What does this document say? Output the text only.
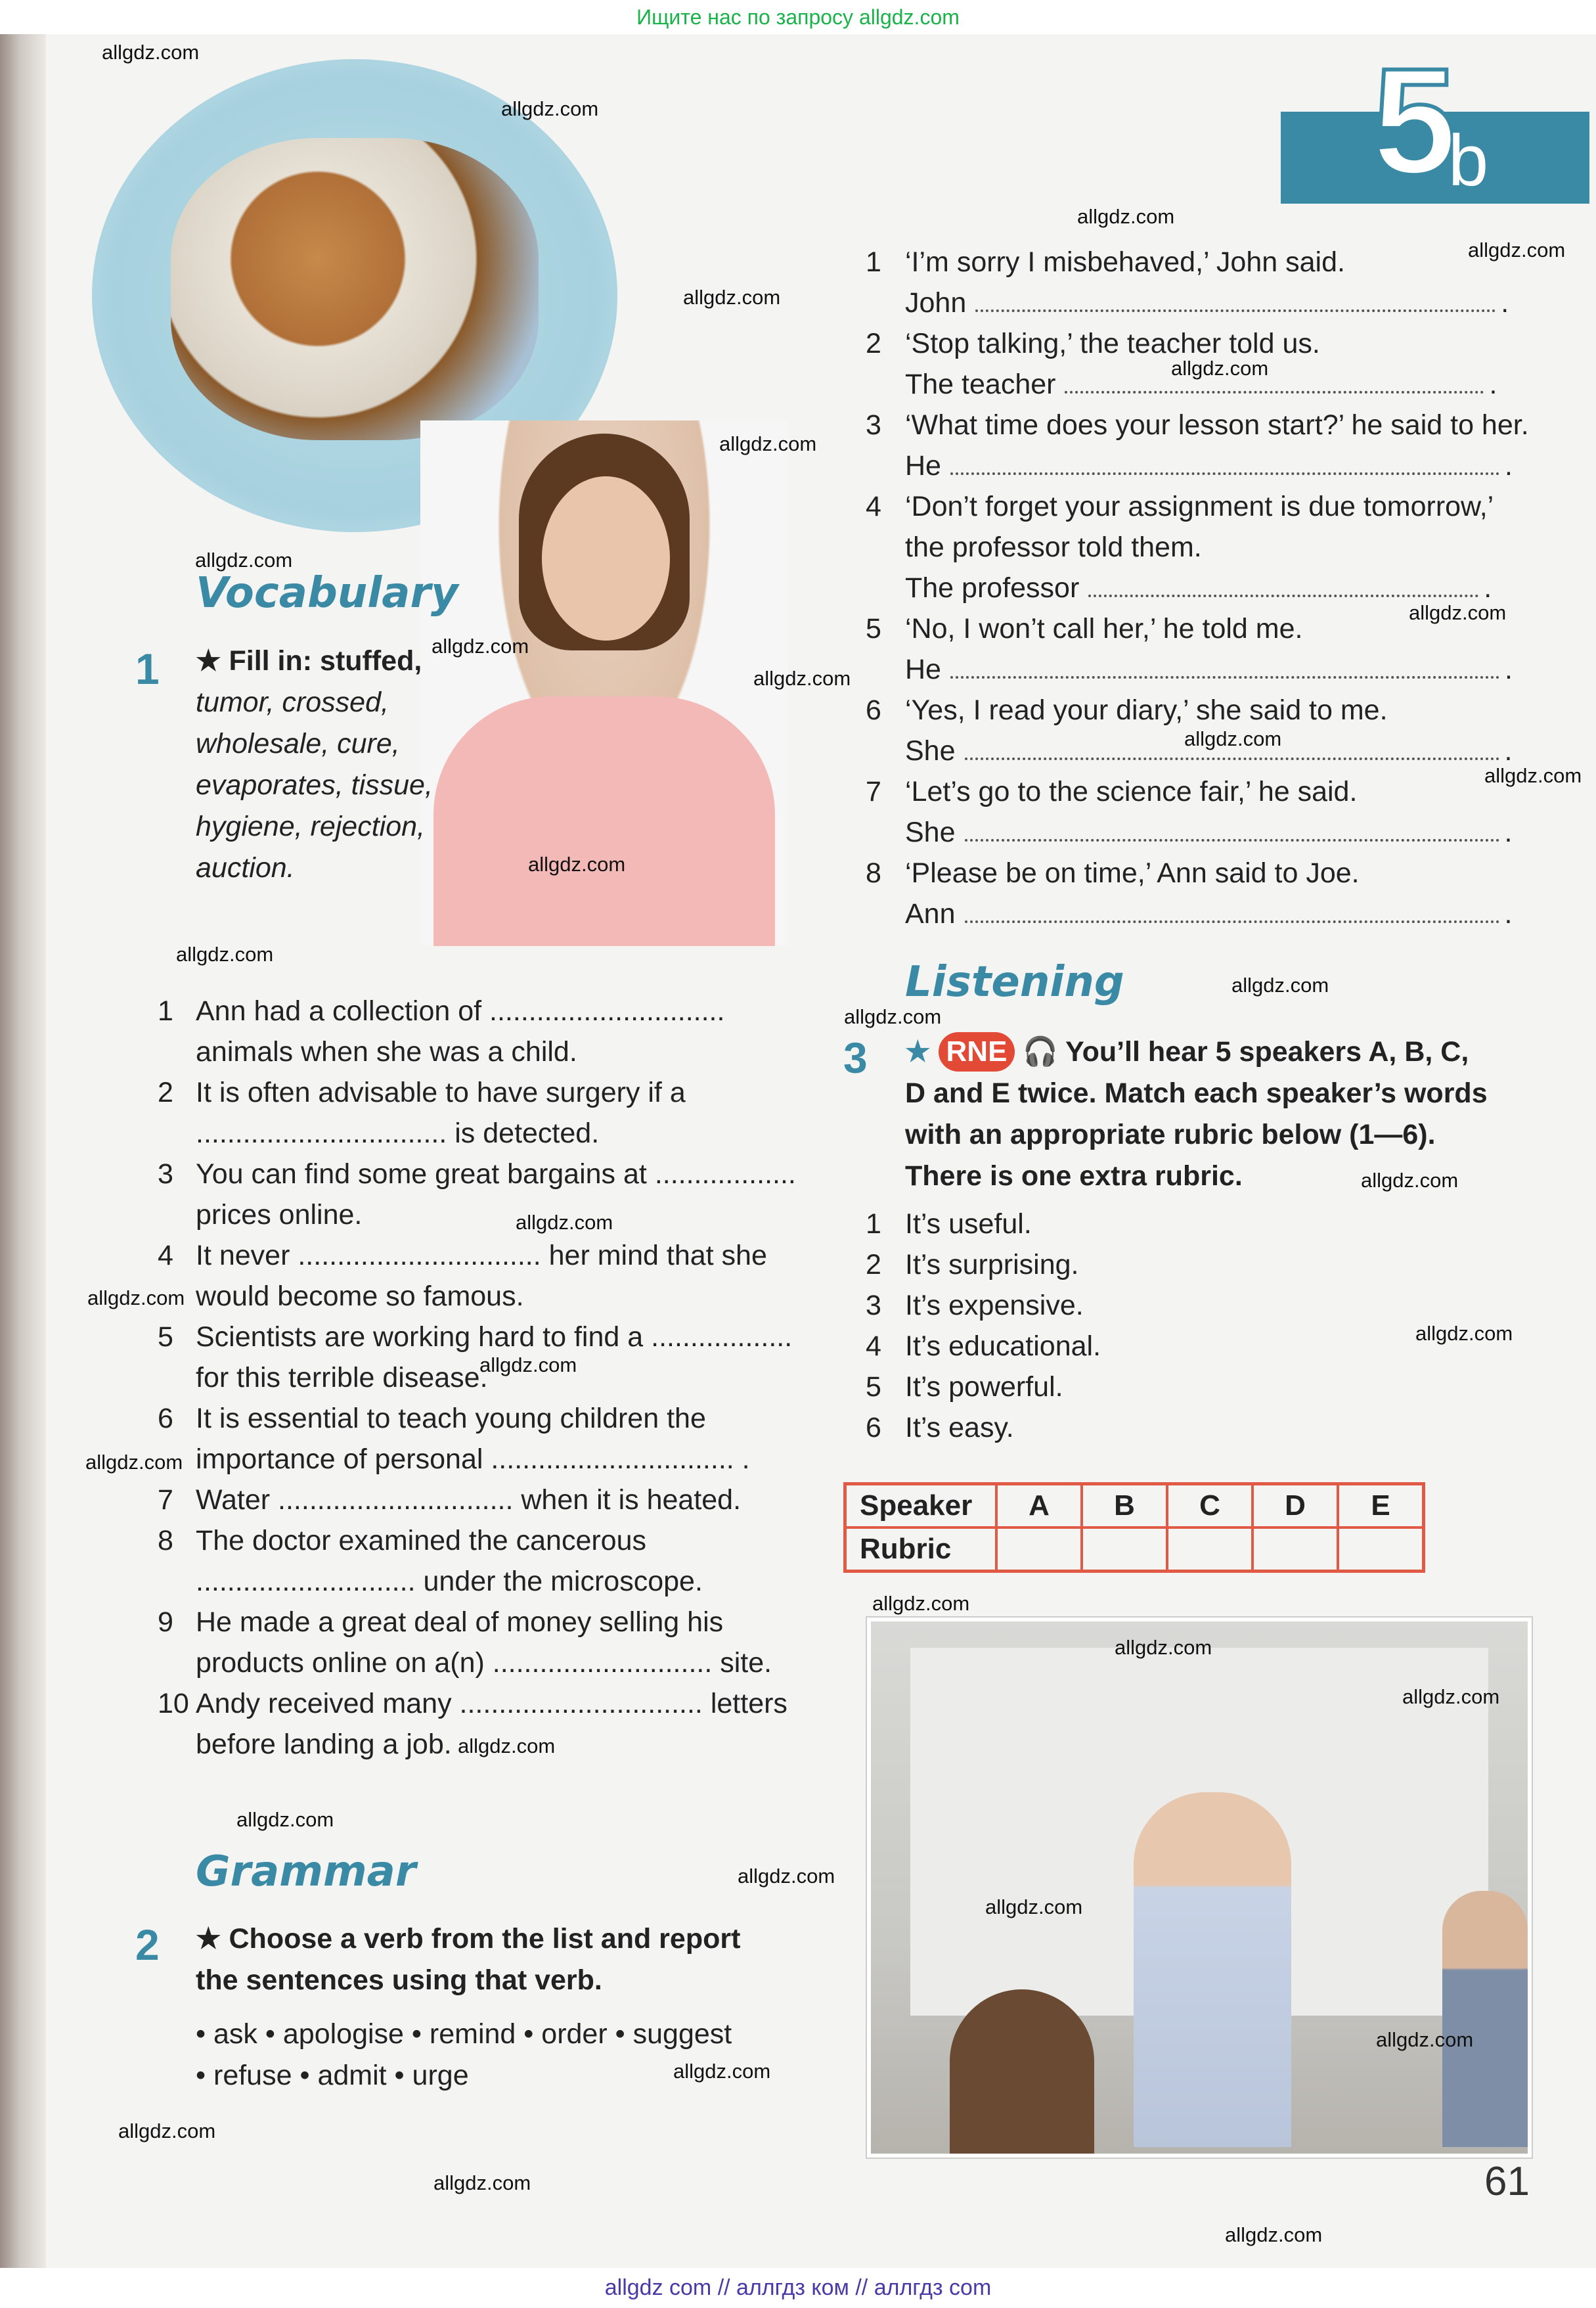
Ищите нас по запросу allgdz.com
5
b
Vocabulary
1 ★ Fill in: stuffed,
tumor, crossed,
wholesale, cure,
evaporates, tissue,
hygiene, rejection,
auction.
1 Ann had a collection of ..............................
animals when she was a child.
2 It is often advisable to have surgery if a
................................ is detected.
3 You can find some great bargains at ..................
prices online.
4 It never ............................... her mind that she
would become so famous.
5 Scientists are working hard to find a ..................
for this terrible disease.
6 It is essential to teach young children the
importance of personal ............................... .
7 Water .............................. when it is heated.
8 The doctor examined the cancerous
............................ under the microscope.
9 He made a great deal of money selling his
products online on a(n) ............................ site.
10 Andy received many ............................... letters
before landing a job.
Grammar
2 ★ Choose a verb from the list and report
the sentences using that verb.
• ask • apologise • remind • order • suggest
• refuse • admit • urge
1 ‘I’m sorry I misbehaved,’ John said.
John	.
2 ‘Stop talking,’ the teacher told us.
The teacher	.
3 ‘What time does your lesson start?’ he said to her.
He	.
4 ‘Don’t forget your assignment is due tomorrow,’
the professor told them.
The professor	.
5 ‘No, I won’t call her,’ he told me.
He	.
6 ‘Yes, I read your diary,’ she said to me.
She	.
7 ‘Let’s go to the science fair,’ he said.
She	.
8 ‘Please be on time,’ Ann said to Joe.
Ann	.
Listening
3 ★ RNE 🎧 You’ll hear 5 speakers A, B, C,
D and E twice. Match each speaker’s words
with an appropriate rubric below (1—6).
There is one extra rubric.
1 It’s useful.
2 It’s surprising.
3 It’s expensive.
4 It’s educational.
5 It’s powerful.
6 It’s easy.
Speaker	A	B	C	D	E
Rubric					
61
allgdz.com
allgdz.com
allgdz.com
allgdz.com
allgdz.com
allgdz.com
allgdz.com
allgdz.com
allgdz.com
allgdz.com
allgdz.com
allgdz.com
allgdz.com
allgdz.com
allgdz.com
allgdz.com
allgdz.com
allgdz.com
allgdz.com
allgdz.com
allgdz.com
allgdz.com
allgdz.com
allgdz.com
allgdz.com
allgdz.com
allgdz.com
allgdz.com
allgdz.com
allgdz.com
allgdz.com
allgdz.com
allgdz.com
allgdz.com
allgdz.com
allgdz com // аллгдз ком // аллгдз com
